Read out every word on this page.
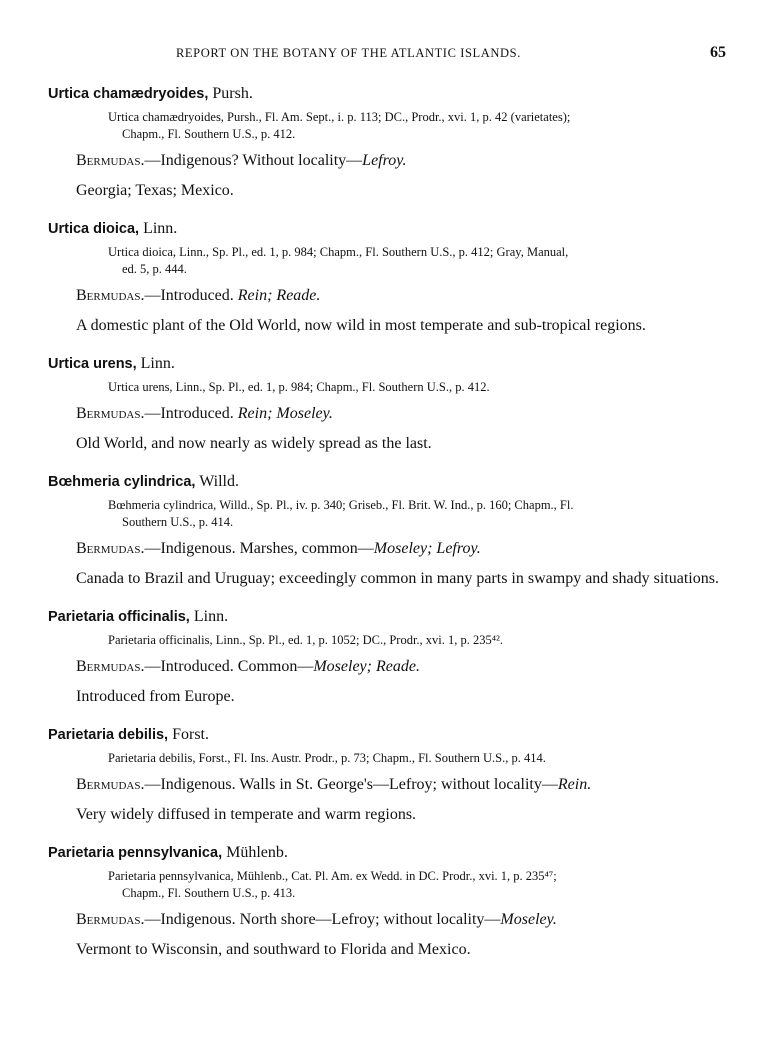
REPORT ON THE BOTANY OF THE ATLANTIC ISLANDS.	65

Urtica chamædryoides, Pursh.

Urtica chamædryoides, Pursh., Fl. Am. Sept., i. p. 113; DC., Prodr., xvi. 1, p. 42 (varietates);
Chapm., Fl. Southern U.S., p. 412.

Bermudas.—Indigenous? Without locality—Lefroy.

Georgia; Texas; Mexico.

Urtica dioica, Linn.

Urtica dioica, Linn., Sp. Pl., ed. 1, p. 984; Chapm., Fl. Southern U.S., p. 412; Gray, Manual,
ed. 5, p. 444.

Bermudas.—Introduced. Rein; Reade.

A domestic plant of the Old World, now wild in most temperate and sub-tropical regions.

Urtica urens, Linn.

Urtica urens, Linn., Sp. Pl., ed. 1, p. 984; Chapm., Fl. Southern U.S., p. 412.

Bermudas.—Introduced. Rein; Moseley.

Old World, and now nearly as widely spread as the last.

Bœhmeria cylindrica, Willd.

Bœhmeria cylindrica, Willd., Sp. Pl., iv. p. 340; Griseb., Fl. Brit. W. Ind., p. 160; Chapm., Fl.
Southern U.S., p. 414.

Bermudas.—Indigenous. Marshes, common—Moseley; Lefroy.

Canada to Brazil and Uruguay; exceedingly common in many parts in swampy and shady situations.

Parietaria officinalis, Linn.

Parietaria officinalis, Linn., Sp. Pl., ed. 1, p. 1052; DC., Prodr., xvi. 1, p. 235⁴².

Bermudas.—Introduced. Common—Moseley; Reade.

Introduced from Europe.

Parietaria debilis, Forst.

Parietaria debilis, Forst., Fl. Ins. Austr. Prodr., p. 73; Chapm., Fl. Southern U.S., p. 414.

Bermudas.—Indigenous. Walls in St. George's—Lefroy; without locality—Rein.

Very widely diffused in temperate and warm regions.

Parietaria pennsylvanica, Mühlenb.

Parietaria pennsylvanica, Mühlenb., Cat. Pl. Am. ex Wedd. in DC. Prodr., xvi. 1, p. 235⁴⁷;
Chapm., Fl. Southern U.S., p. 413.

Bermudas.—Indigenous. North shore—Lefroy; without locality—Moseley.

Vermont to Wisconsin, and southward to Florida and Mexico.
